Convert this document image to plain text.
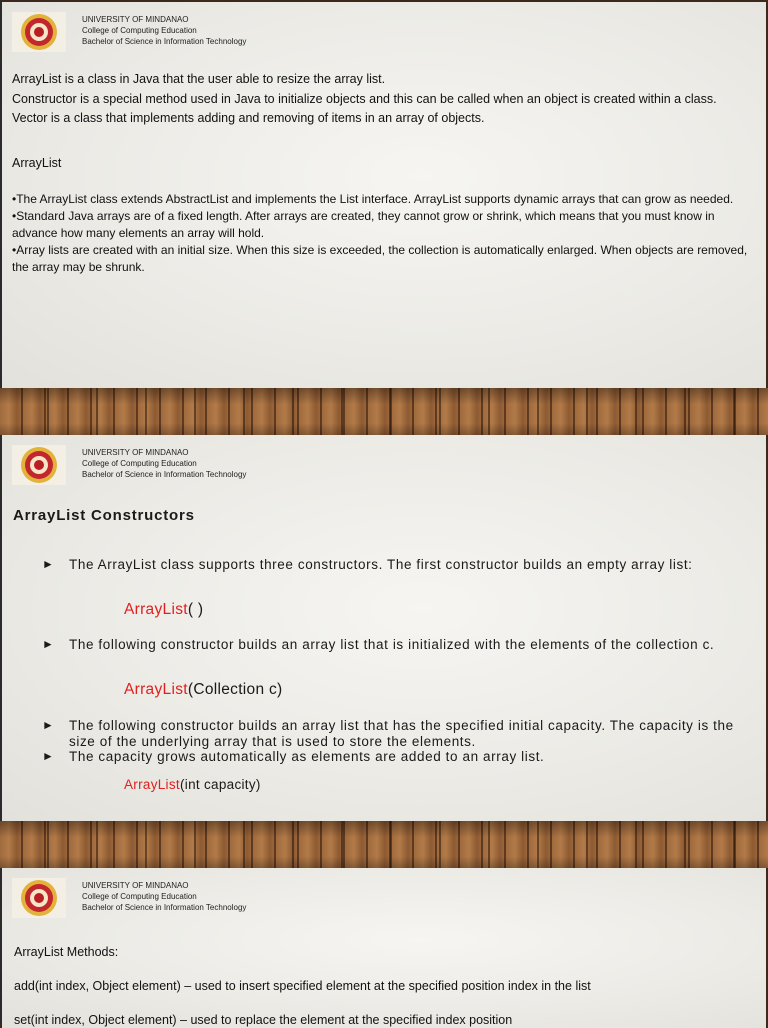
UNIVERSITY OF MINDANAO
College of Computing Education
Bachelor of Science in Information Technology
ArrayList is a class in Java that the user able to resize the array list.
Constructor is a special method used in Java to initialize objects and this can be called when an object is created within a class.
Vector is a class that implements adding and removing of items in an array of objects.
ArrayList

•The ArrayList class extends AbstractList and implements the List interface. ArrayList supports dynamic arrays that can grow as needed.

•Standard Java arrays are of a fixed length. After arrays are created, they cannot grow or shrink, which means that you must know in advance how many elements an array will hold.

•Array lists are created with an initial size. When this size is exceeded, the collection is automatically enlarged. When objects are removed, the array may be shrunk.

UNIVERSITY OF MINDANAO
College of Computing Education
Bachelor of Science in Information Technology
ArrayList Constructors
► The ArrayList class supports three constructors. The first constructor builds an empty array list:
ArrayList( )
► The following constructor builds an array list that is initialized with the elements of the collection c.
ArrayList(Collection c)
► The following constructor builds an array list that has the specified initial capacity. The capacity is the size of the underlying array that is used to store the elements.
► The capacity grows automatically as elements are added to an array list.
ArrayList(int capacity)
UNIVERSITY OF MINDANAO
College of Computing Education
Bachelor of Science in Information Technology
ArrayList Methods:
add(int index, Object element) – used to insert specified element at the specified position index in the list
set(int index, Object element) – used to replace the element at the specified index position
